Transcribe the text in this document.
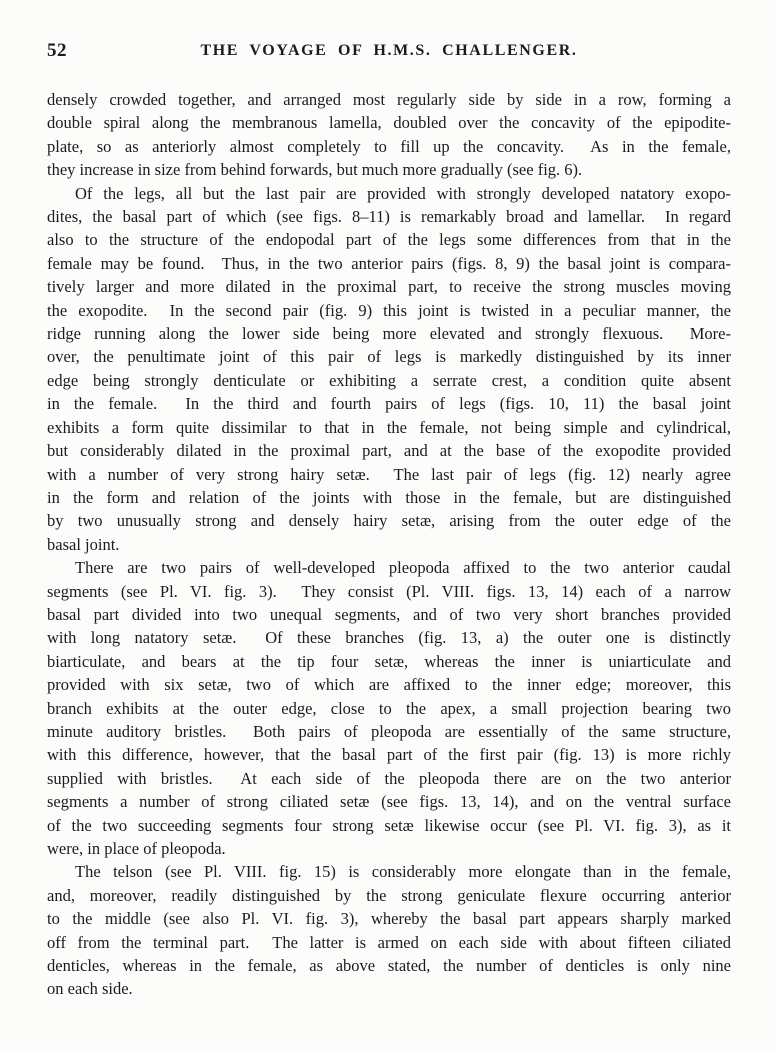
52	THE VOYAGE OF H.M.S. CHALLENGER.
densely crowded together, and arranged most regularly side by side in a row, forming a
double spiral along the membranous lamella, doubled over the concavity of the epipodite-
plate, so as anteriorly almost completely to fill up the concavity.  As in the female,
they increase in size from behind forwards, but much more gradually (see fig. 6).
Of the legs, all but the last pair are provided with strongly developed natatory exopo-
dites, the basal part of which (see figs. 8–11) is remarkably broad and lamellar.  In regard
also to the structure of the endopodal part of the legs some differences from that in the
female may be found.  Thus, in the two anterior pairs (figs. 8, 9) the basal joint is compara-
tively larger and more dilated in the proximal part, to receive the strong muscles moving
the exopodite.  In the second pair (fig. 9) this joint is twisted in a peculiar manner, the
ridge running along the lower side being more elevated and strongly flexuous.  More-
over, the penultimate joint of this pair of legs is markedly distinguished by its inner
edge being strongly denticulate or exhibiting a serrate crest, a condition quite absent
in the female.  In the third and fourth pairs of legs (figs. 10, 11) the basal joint
exhibits a form quite dissimilar to that in the female, not being simple and cylindrical,
but considerably dilated in the proximal part, and at the base of the exopodite provided
with a number of very strong hairy setæ.  The last pair of legs (fig. 12) nearly agree
in the form and relation of the joints with those in the female, but are distinguished
by two unusually strong and densely hairy setæ, arising from the outer edge of the
basal joint.
There are two pairs of well-developed pleopoda affixed to the two anterior caudal
segments (see Pl. VI. fig. 3).  They consist (Pl. VIII. figs. 13, 14) each of a narrow
basal part divided into two unequal segments, and of two very short branches provided
with long natatory setæ.  Of these branches (fig. 13, a) the outer one is distinctly
biarticulate, and bears at the tip four setæ, whereas the inner is uniarticulate and
provided with six setæ, two of which are affixed to the inner edge; moreover, this
branch exhibits at the outer edge, close to the apex, a small projection bearing two
minute auditory bristles.  Both pairs of pleopoda are essentially of the same structure,
with this difference, however, that the basal part of the first pair (fig. 13) is more richly
supplied with bristles.  At each side of the pleopoda there are on the two anterior
segments a number of strong ciliated setæ (see figs. 13, 14), and on the ventral surface
of the two succeeding segments four strong setæ likewise occur (see Pl. VI. fig. 3), as it
were, in place of pleopoda.
The telson (see Pl. VIII. fig. 15) is considerably more elongate than in the female,
and, moreover, readily distinguished by the strong geniculate flexure occurring anterior
to the middle (see also Pl. VI. fig. 3), whereby the basal part appears sharply marked
off from the terminal part.  The latter is armed on each side with about fifteen ciliated
denticles, whereas in the female, as above stated, the number of denticles is only nine
on each side.
